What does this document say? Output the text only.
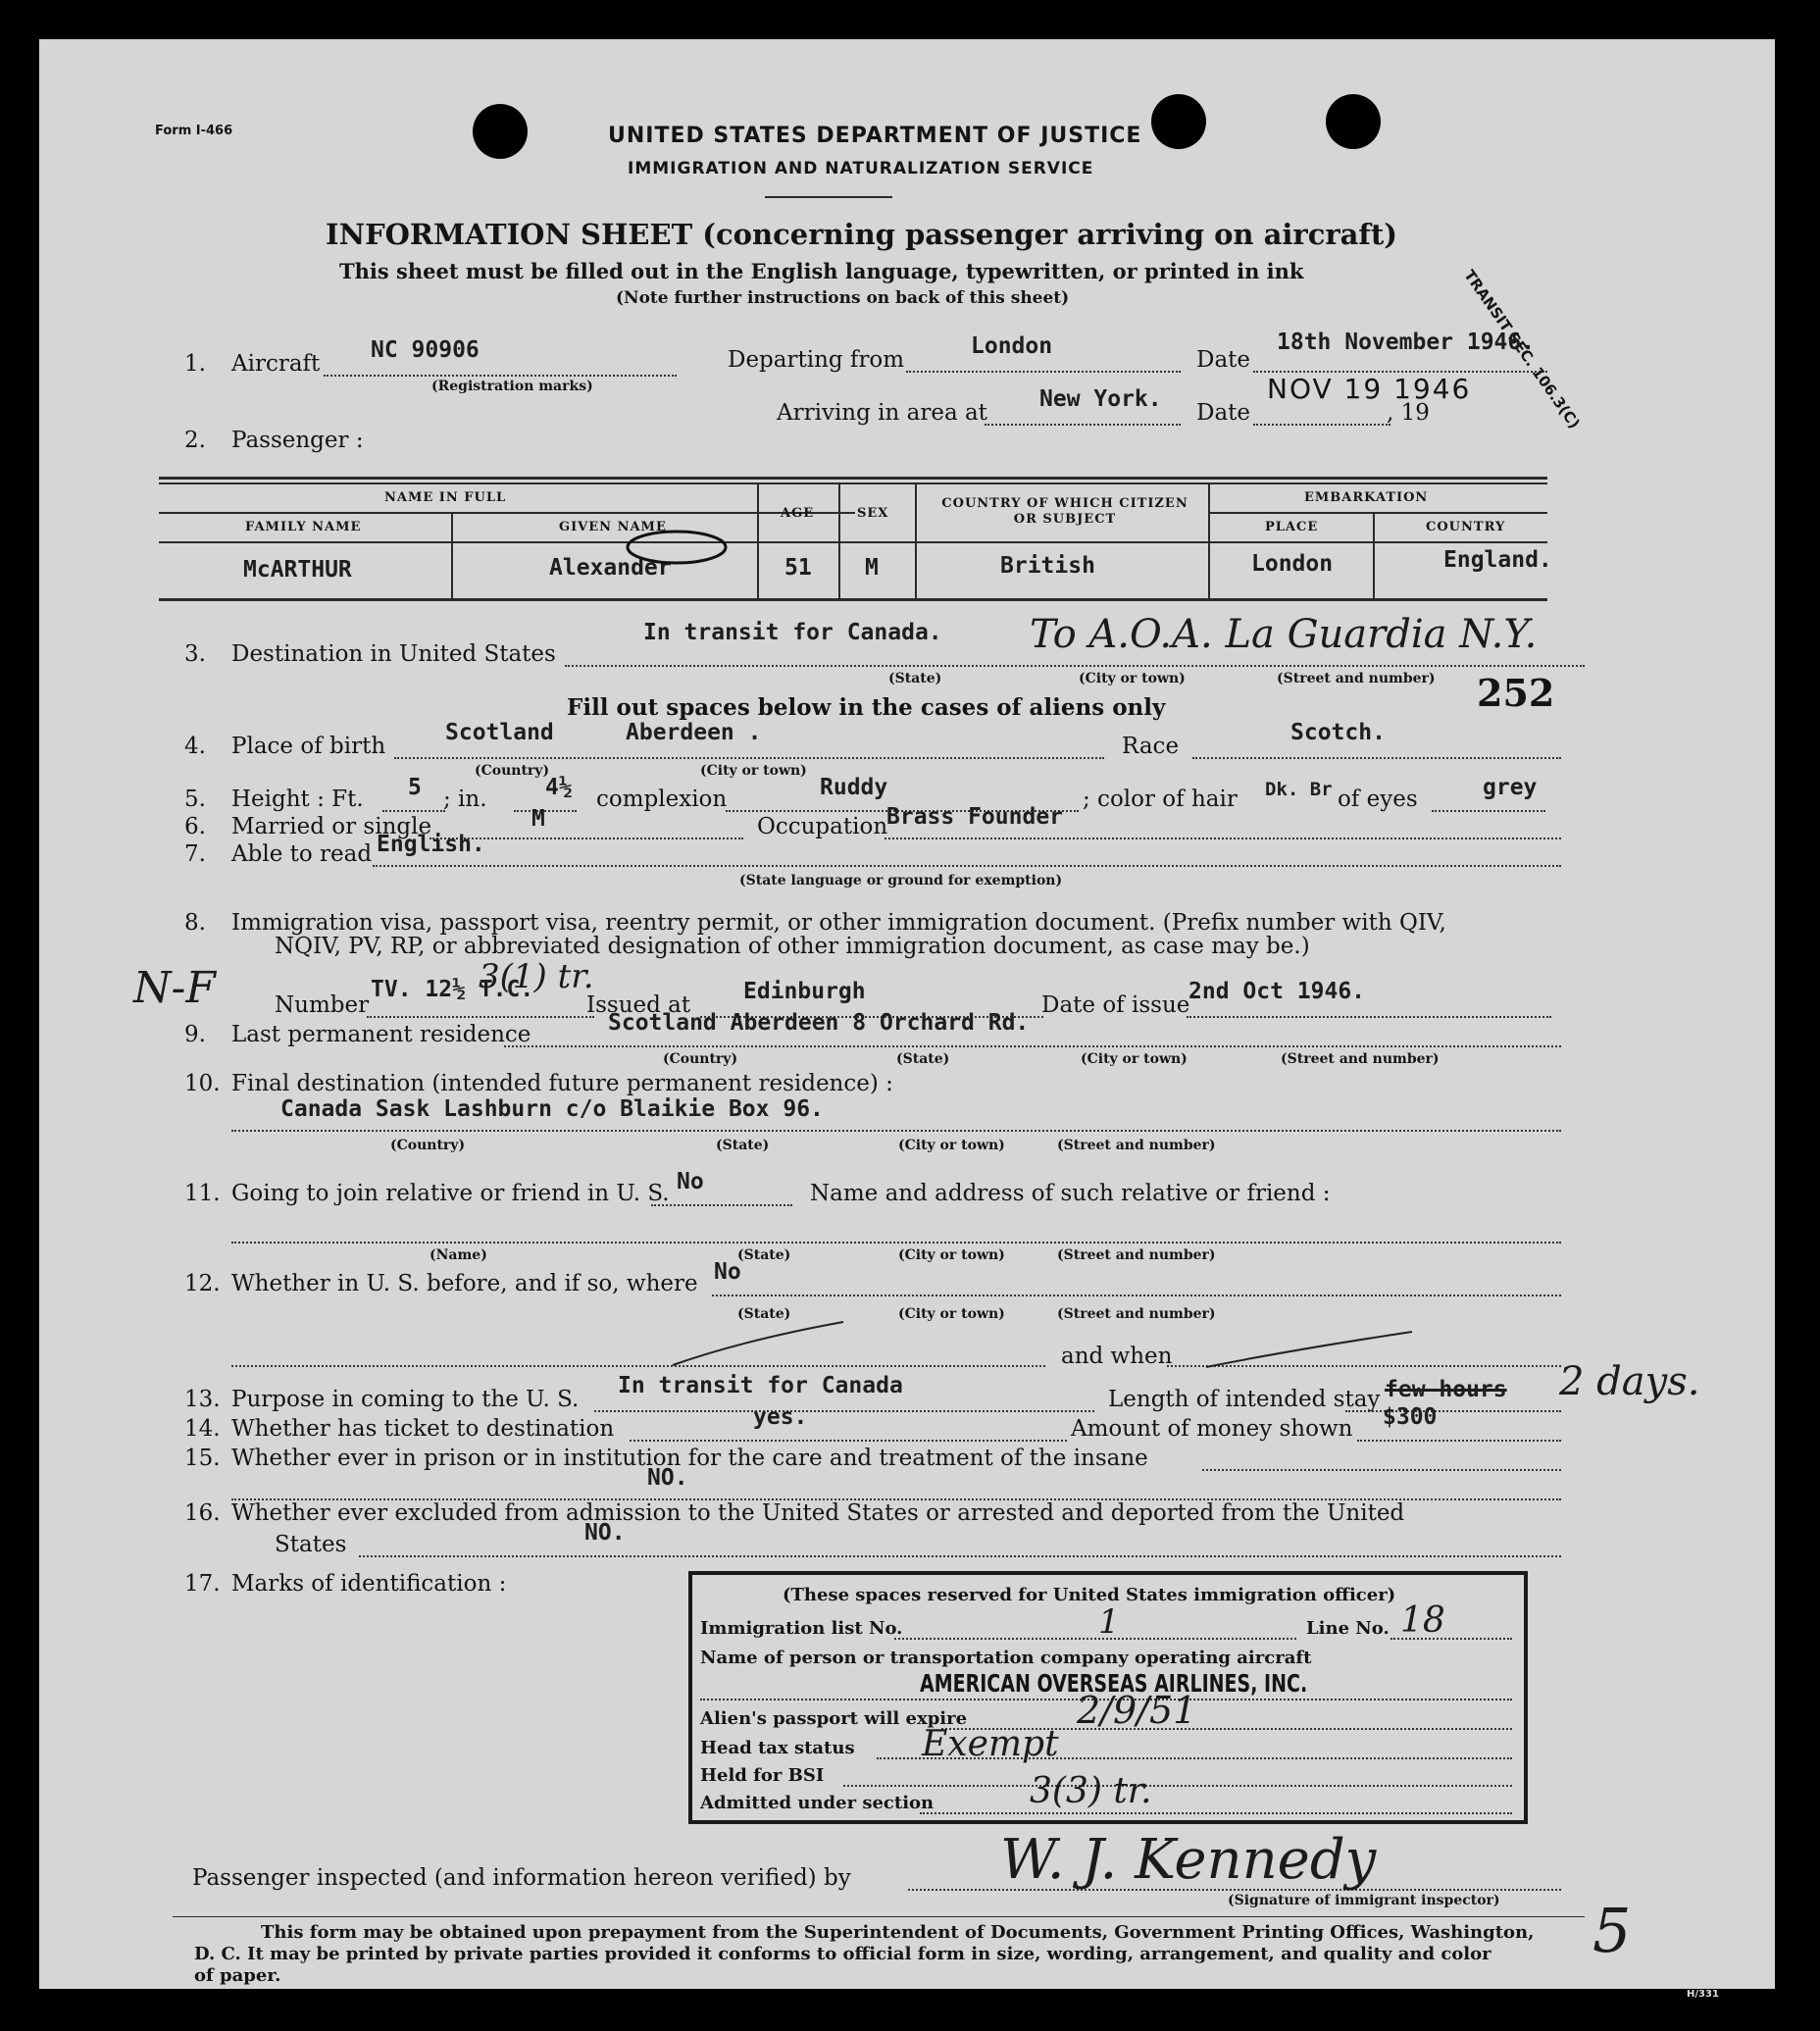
Form I-466	UNITED STATES DEPARTMENT OF JUSTICE
IMMIGRATION AND NATURALIZATION SERVICE
INFORMATION SHEET (concerning passenger arriving on aircraft)
This sheet must be filled out in the English language, typewritten, or printed in ink
(Note further instructions on back of this sheet)	TRANSIT SEC. 106.3(C)
1. Aircraft
NC 90906
(Registration marks)
Departing from
London
Date
18th November 1946.
Arriving in area at
New York.
Date
NOV 19 1946
, 19
2. Passenger :
NAME IN FULL
FAMILY NAME	GIVEN NAME
AGE	SEX
COUNTRY OF WHICH CITIZEN OR SUBJECT
EMBARKATION
PLACE	COUNTRY
McARTHUR	Alexander	51 M	British	London	England.
3. Destination in United States
In transit for Canada. To A.O.A. La Guardia N.Y.
(State)	(City or town)	(Street and number) 252
Fill out spaces below in the cases of aliens only
4. Place of birth
Scotland	Aberdeen .
(Country)	(City or town)
Race
Scotch.
5. Height : Ft. 5 ; in.	4½ complexion	Ruddy	; color of hair Dk. Br of eyes	grey
6. Married or single	M	Occupation
Brass Founder
7. Able to read English.
(State language or ground for exemption)
8. Immigration visa, passport visa, reentry permit, or other immigration document. (Prefix number with QIV,
NQIV, PV, RP, or abbreviated designation of other immigration document, as case may be.)
N-F	Number
TV. 12½ T.C.
3(1) tr.
Issued at
Edinburgh
Date of issue
2nd Oct 1946.
9. Last permanent residence	Scotland Aberdeen 8 Orchard Rd.
(Country)	(State)	(City or town)	(Street and number)
10. Final destination (intended future permanent residence) :
Canada Sask Lashburn c/o Blaikie Box 96.
(Country)	(State)	(City or town)	(Street and number)
11. Going to join relative or friend in U. S. No	Name and address of such relative or friend :
(Name)	(State)	(City or town)	(Street and number)
12. Whether in U. S. before, and if so, where No
(State)	(City or town)	(Street and number)
and when
13. Purpose in coming to the U. S.
In transit for Canada
Length of intended stay few hours 2 days.
14. Whether has ticket to destination	yes.	Amount of money shown $300
15. Whether ever in prison or in institution for the care and treatment of the insane
NO.
16. Whether ever excluded from admission to the United States or arrested and deported from the United
States	NO.
17. Marks of identification :	(These spaces reserved for United States immigration officer)
Immigration list No.	1	Line No. 18
Name of person or transportation company operating aircraft
AMERICAN OVERSEAS AIRLINES, INC.
Alien's passport will expire	2/9/51
Head tax status Exempt
Held for BSI
Admitted under section	3(3) tr.
Passenger inspected (and information hereon verified) by	W. J. Kennedy
(Signature of immigrant inspector)
This form may be obtained upon prepayment from the Superintendent of Documents, Government Printing Offices, Washington,
D. C. It may be printed by private parties provided it conforms to official form in size, wording, arrangement, and quality and color
of paper.
H/331
5
